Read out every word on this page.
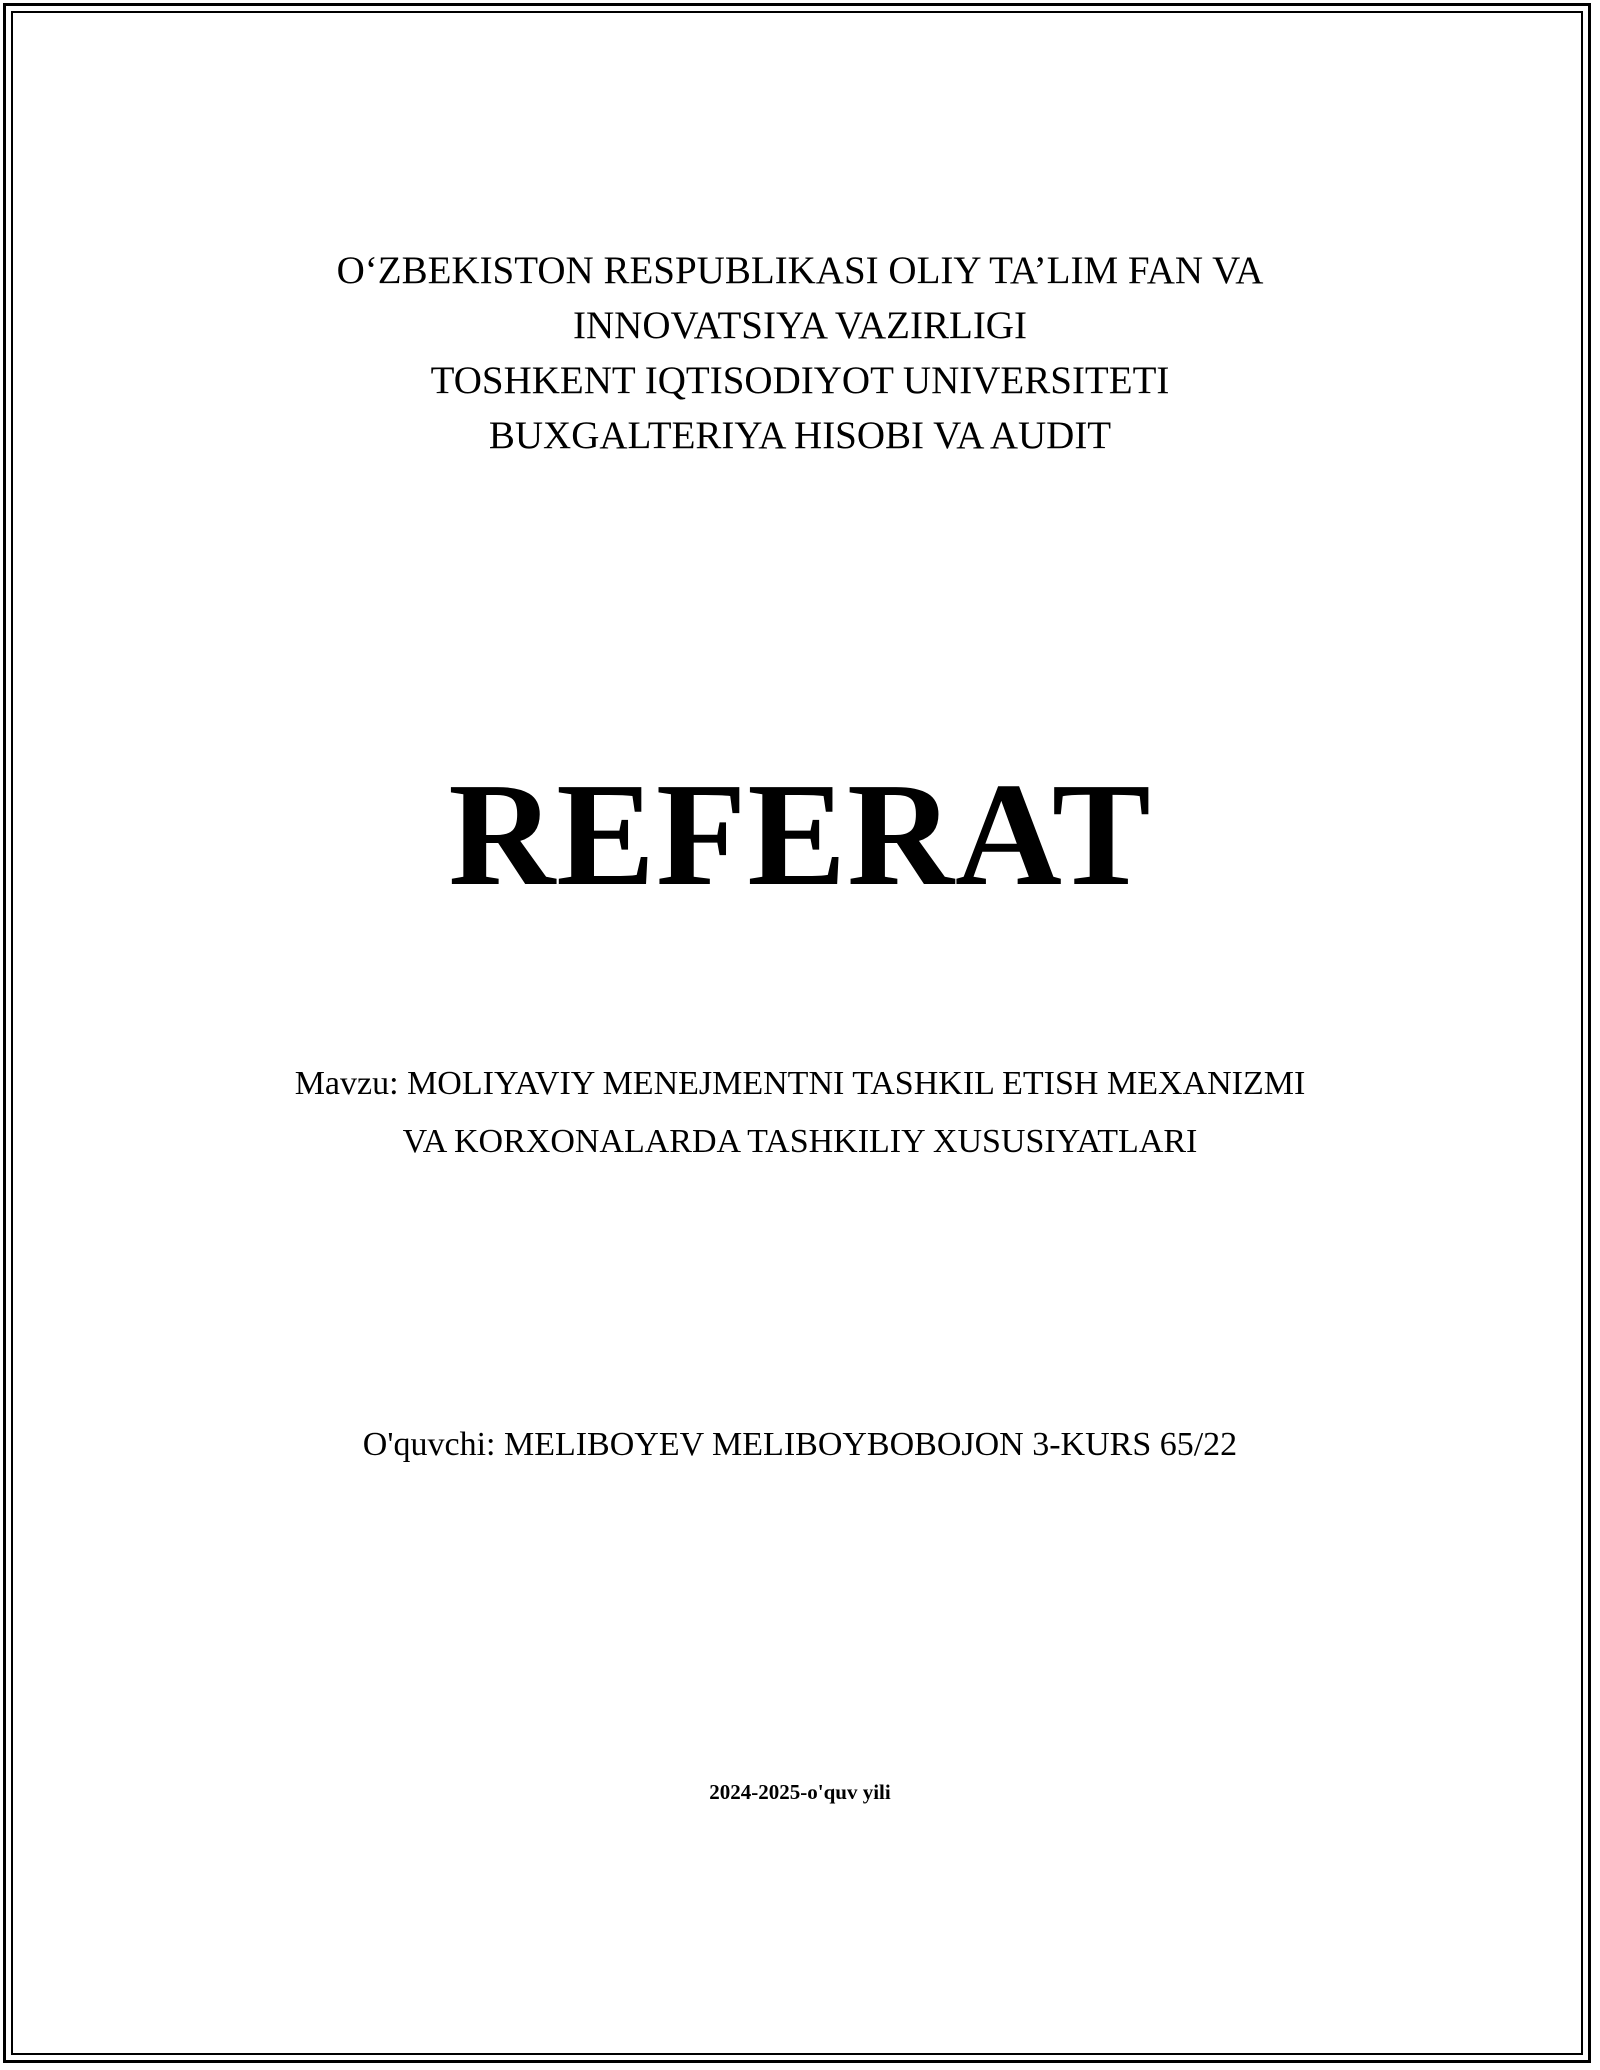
O‘ZBEKISTON RESPUBLIKASI OLIY TA’LIM FAN VA
INNOVATSIYA VAZIRLIGI
TOSHKENT IQTISODIYOT UNIVERSITETI
BUXGALTERIYA HISOBI VA AUDIT
REFERAT
Mavzu: MOLIYAVIY MENEJMENTNI TASHKIL ETISH MEXANIZMI
VA KORXONALARDA TASHKILIY XUSUSIYATLARI
O'quvchi: MELIBOYEV MELIBOYBOBOJON 3-KURS 65/22
2024-2025-o'quv yili
